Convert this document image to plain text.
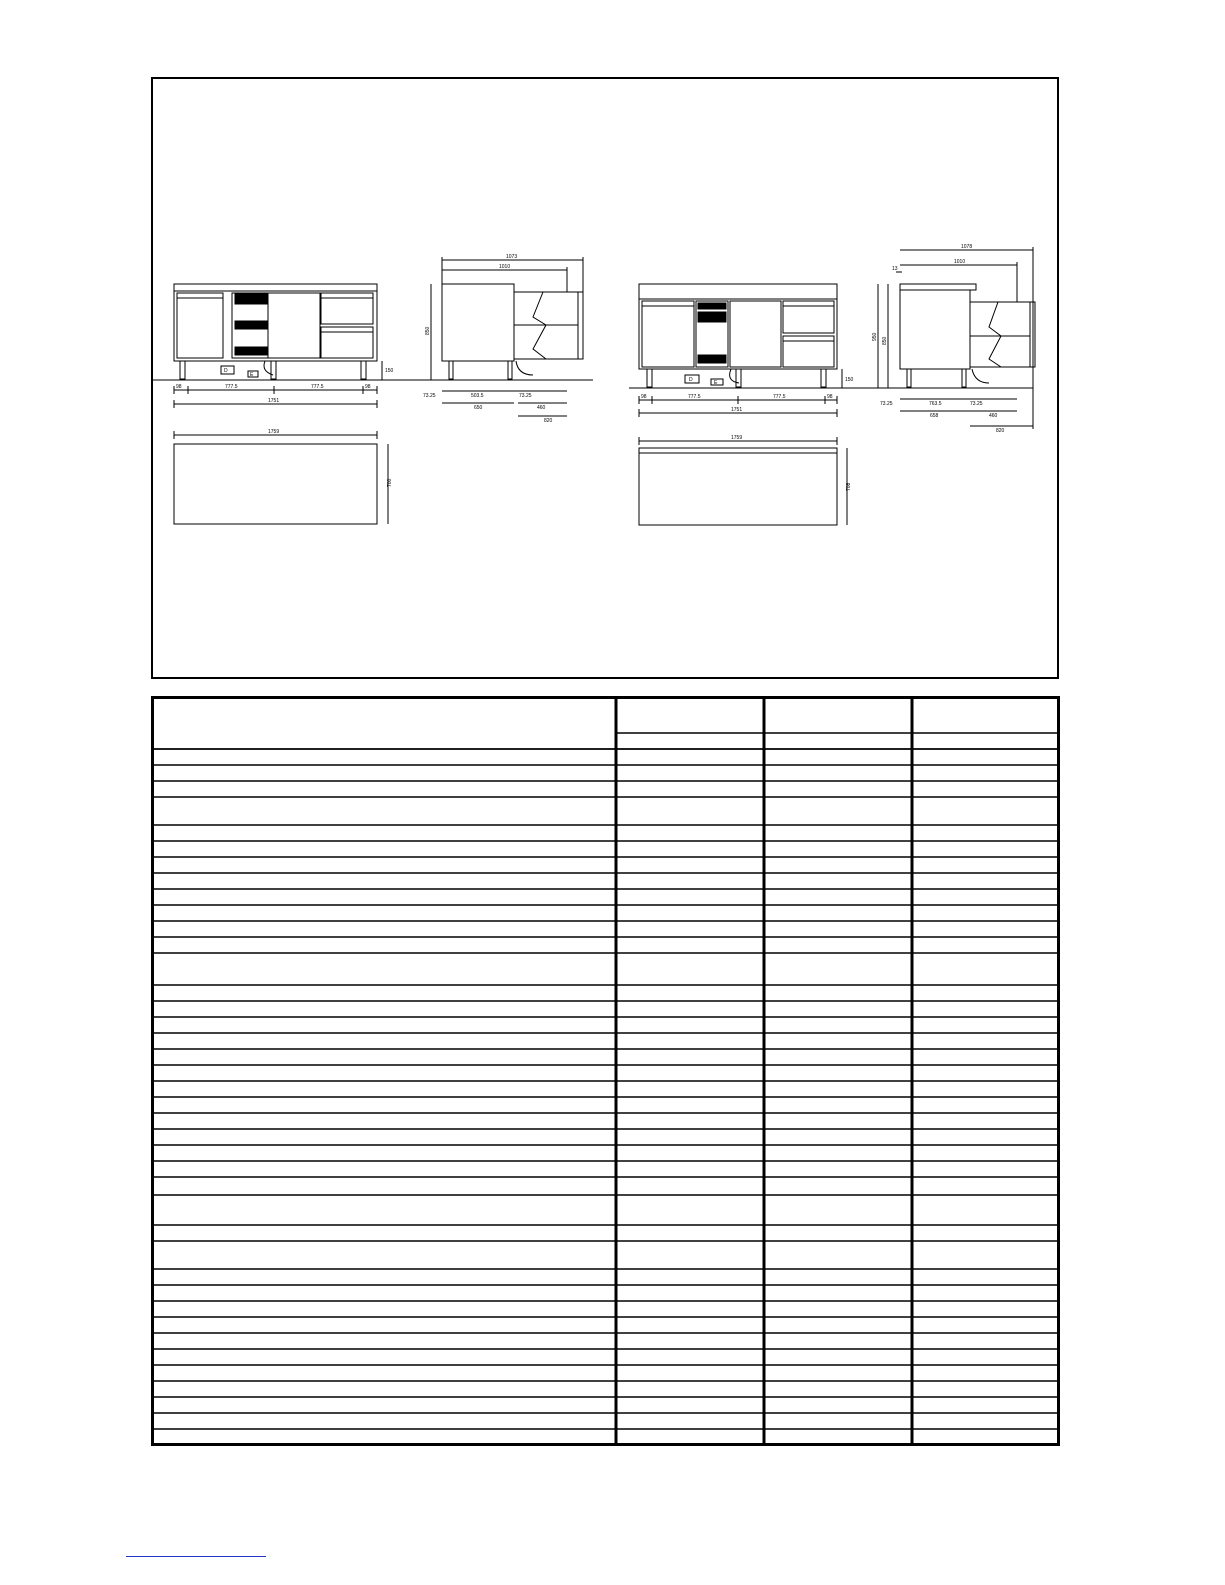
D
E
98	777.5	777.5	98
1751
150
1073
1010
850
73.25	503.5	73.25
650	460
820
1759
700
D	E
98	777.5	777.5	98
1751
150
13
1078
1010
950 850
73.25	763.5	73.25
658	460
820
1759
708
